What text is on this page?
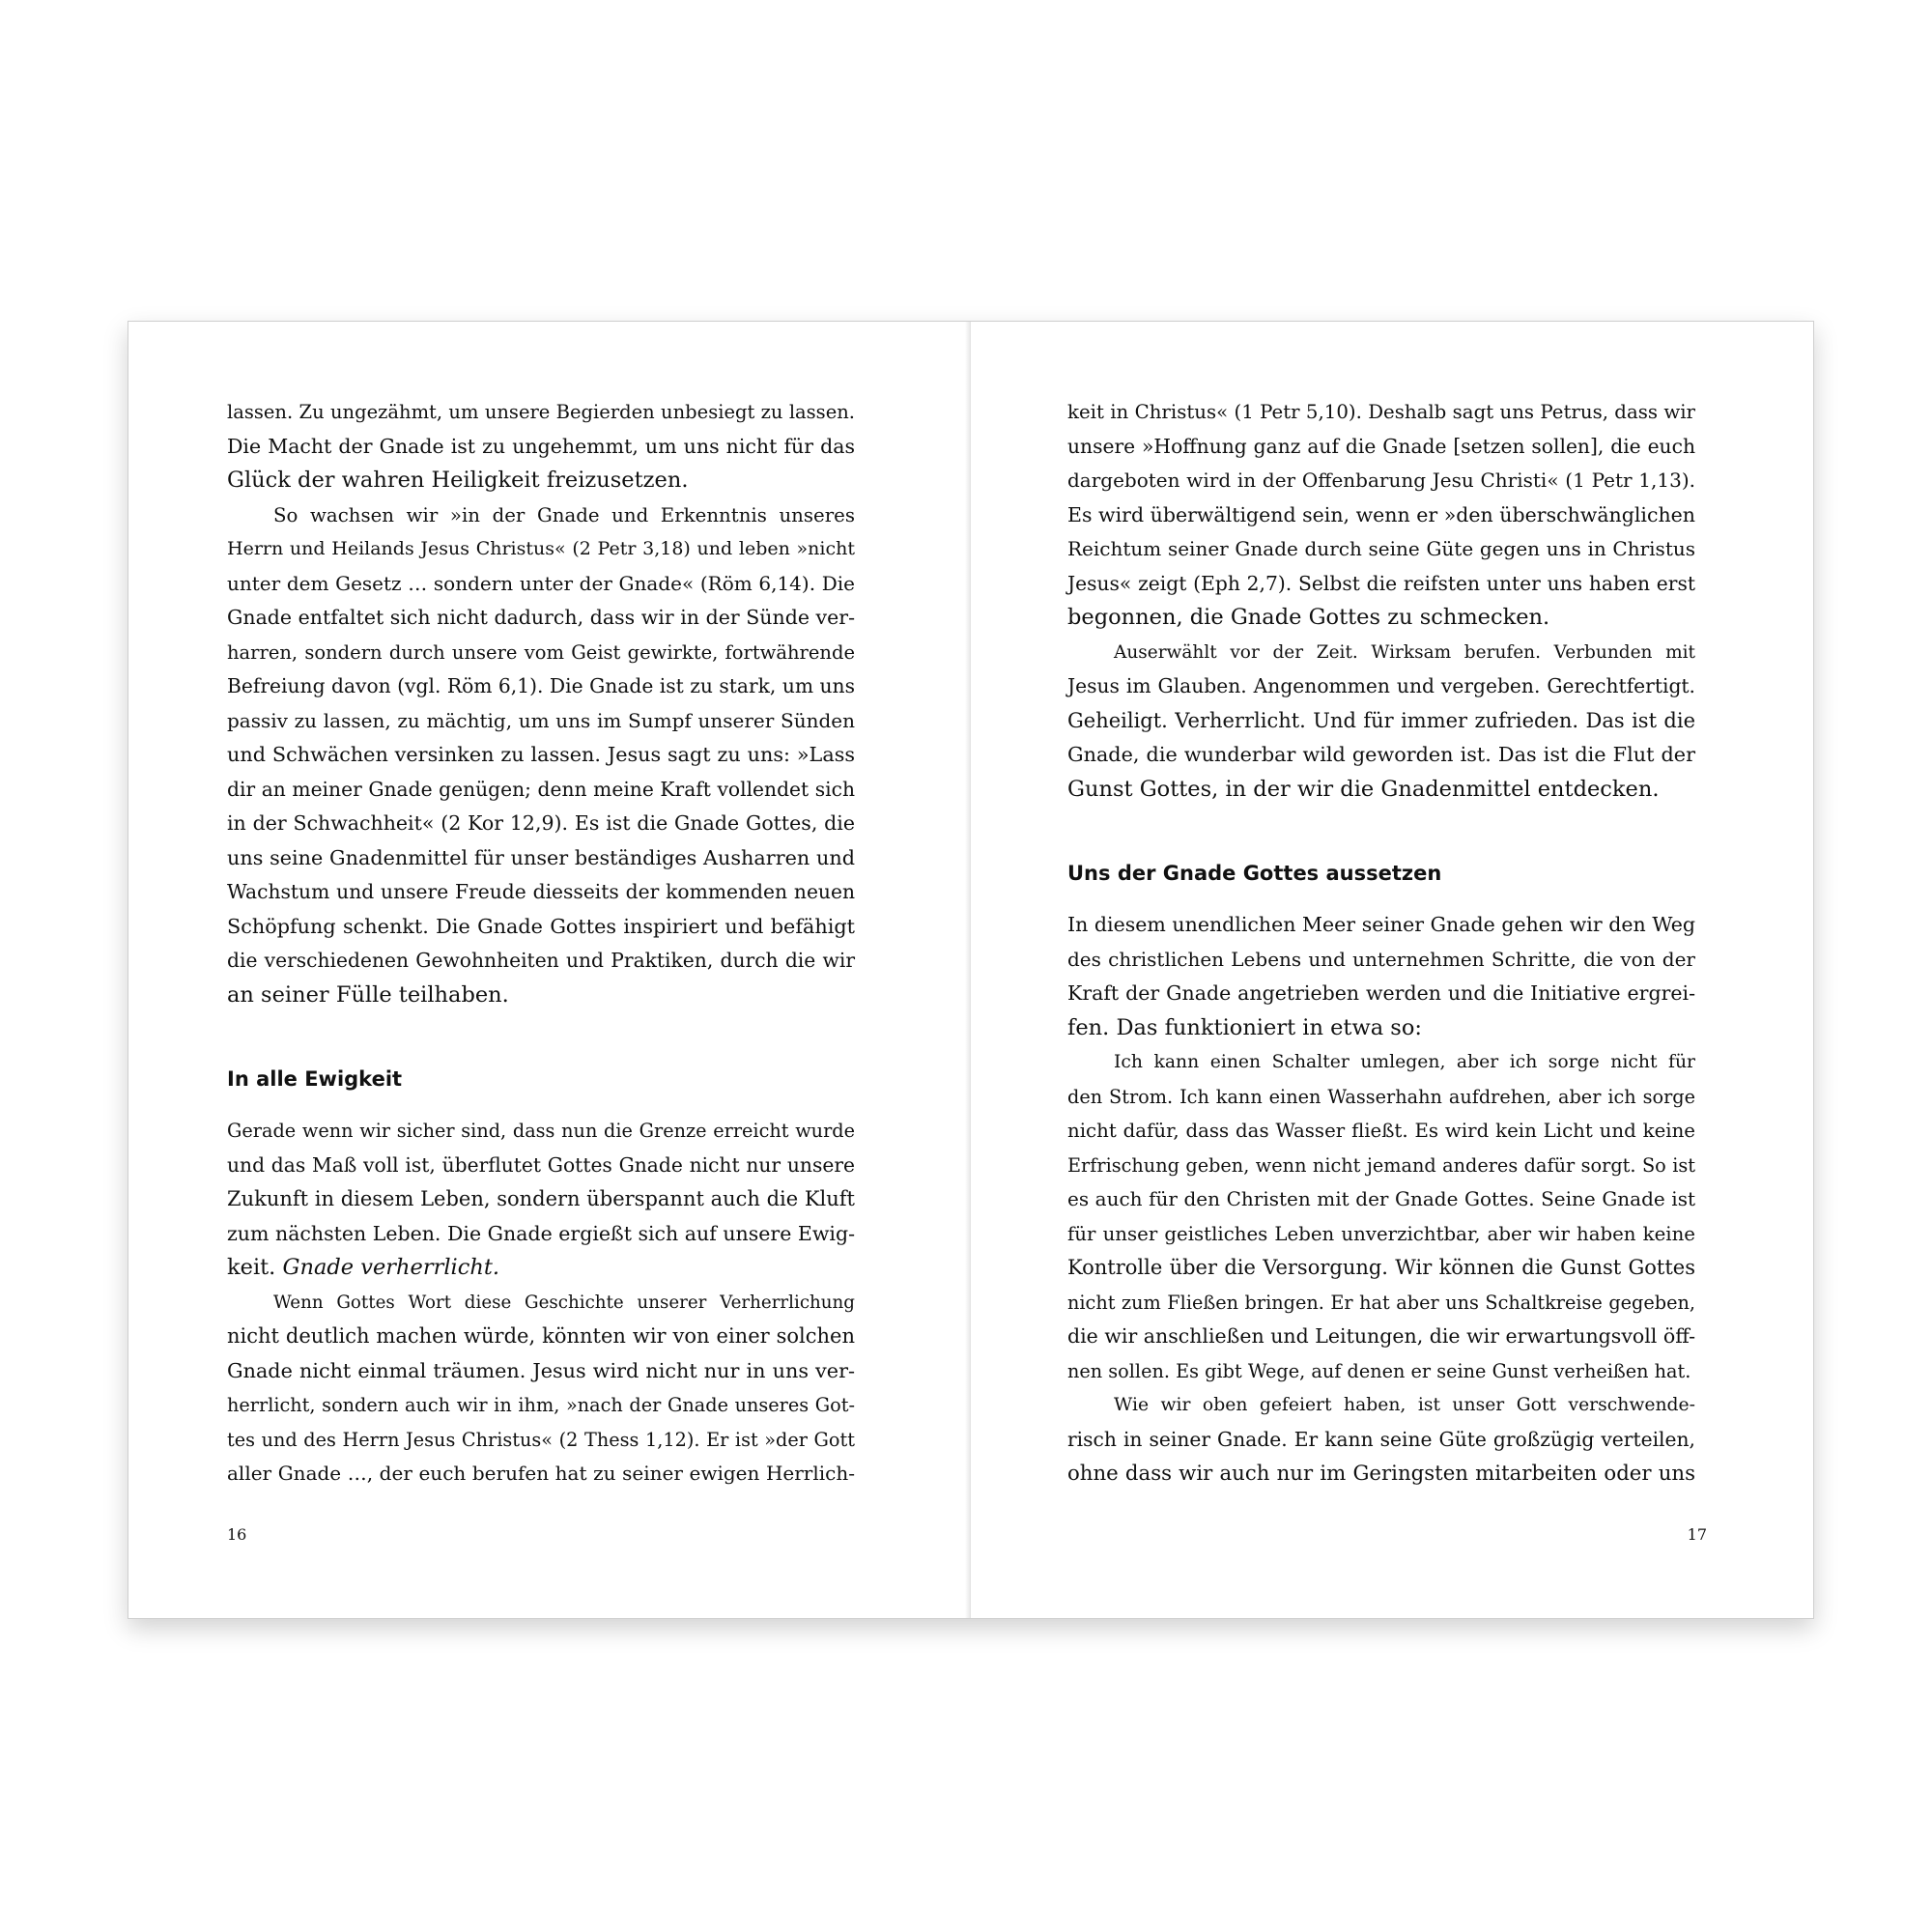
lassen. Zu ungezähmt, um unsere Begierden unbesiegt zu lassen.
Die Macht der Gnade ist zu ungehemmt, um uns nicht für das
Glück der wahren Heiligkeit freizusetzen.
So wachsen wir »in der Gnade und Erkenntnis unseres
Herrn und Heilands Jesus Christus« (2 Petr 3,18) und leben »nicht
unter dem Gesetz … sondern unter der Gnade« (Röm 6,14). Die
Gnade entfaltet sich nicht dadurch, dass wir in der Sünde ver-
harren, sondern durch unsere vom Geist gewirkte, fortwährende
Befreiung davon (vgl. Röm 6,1). Die Gnade ist zu stark, um uns
passiv zu lassen, zu mächtig, um uns im Sumpf unserer Sünden
und Schwächen versinken zu lassen. Jesus sagt zu uns: »Lass
dir an meiner Gnade genügen; denn meine Kraft vollendet sich
in der Schwachheit« (2 Kor 12,9). Es ist die Gnade Gottes, die
uns seine Gnadenmittel für unser beständiges Ausharren und
Wachstum und unsere Freude diesseits der kommenden neuen
Schöpfung schenkt. Die Gnade Gottes inspiriert und befähigt
die verschiedenen Gewohnheiten und Praktiken, durch die wir
an seiner Fülle teilhaben.
In alle Ewigkeit
Gerade wenn wir sicher sind, dass nun die Grenze erreicht wurde
und das Maß voll ist, überflutet Gottes Gnade nicht nur unsere
Zukunft in diesem Leben, sondern überspannt auch die Kluft
zum nächsten Leben. Die Gnade ergießt sich auf unsere Ewig-
keit. Gnade verherrlicht.
Wenn Gottes Wort diese Geschichte unserer Verherrlichung
nicht deutlich machen würde, könnten wir von einer solchen
Gnade nicht einmal träumen. Jesus wird nicht nur in uns ver-
herrlicht, sondern auch wir in ihm, »nach der Gnade unseres Got-
tes und des Herrn Jesus Christus« (2 Thess 1,12). Er ist »der Gott
aller Gnade …, der euch berufen hat zu seiner ewigen Herrlich-
16
keit in Christus« (1 Petr 5,10). Deshalb sagt uns Petrus, dass wir
unsere »Hoffnung ganz auf die Gnade [setzen sollen], die euch
dargeboten wird in der Offenbarung Jesu Christi« (1 Petr 1,13).
Es wird überwältigend sein, wenn er »den überschwänglichen
Reichtum seiner Gnade durch seine Güte gegen uns in Christus
Jesus« zeigt (Eph 2,7). Selbst die reifsten unter uns haben erst
begonnen, die Gnade Gottes zu schmecken.
Auserwählt vor der Zeit. Wirksam berufen. Verbunden mit
Jesus im Glauben. Angenommen und vergeben. Gerechtfertigt.
Geheiligt. Verherrlicht. Und für immer zufrieden. Das ist die
Gnade, die wunderbar wild geworden ist. Das ist die Flut der
Gunst Gottes, in der wir die Gnadenmittel entdecken.
Uns der Gnade Gottes aussetzen
In diesem unendlichen Meer seiner Gnade gehen wir den Weg
des christlichen Lebens und unternehmen Schritte, die von der
Kraft der Gnade angetrieben werden und die Initiative ergrei-
fen. Das funktioniert in etwa so:
Ich kann einen Schalter umlegen, aber ich sorge nicht für
den Strom. Ich kann einen Wasserhahn aufdrehen, aber ich sorge
nicht dafür, dass das Wasser fließt. Es wird kein Licht und keine
Erfrischung geben, wenn nicht jemand anderes dafür sorgt. So ist
es auch für den Christen mit der Gnade Gottes. Seine Gnade ist
für unser geistliches Leben unverzichtbar, aber wir haben keine
Kontrolle über die Versorgung. Wir können die Gunst Gottes
nicht zum Fließen bringen. Er hat aber uns Schaltkreise gegeben,
die wir anschließen und Leitungen, die wir erwartungsvoll öff-
nen sollen. Es gibt Wege, auf denen er seine Gunst verheißen hat.
Wie wir oben gefeiert haben, ist unser Gott verschwende-
risch in seiner Gnade. Er kann seine Güte großzügig verteilen,
ohne dass wir auch nur im Geringsten mitarbeiten oder uns
17
